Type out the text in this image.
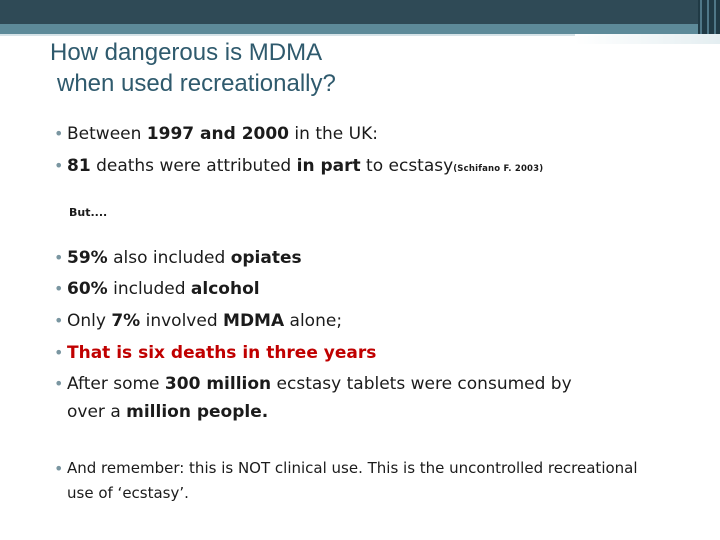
How dangerous is MDMA
when used recreationally?
• Between 1997 and 2000 in the UK:
• 81 deaths were attributed in part to ecstasy(Schifano F. 2003)
But....
• 59% also included opiates
• 60% included alcohol
• Only 7% involved MDMA alone;
• That is six deaths in three years
• After some 300 million ecstasy tablets were consumed by
over a million people.
• And remember: this is NOT clinical use. This is the uncontrolled recreational
use of ‘ecstasy’.
